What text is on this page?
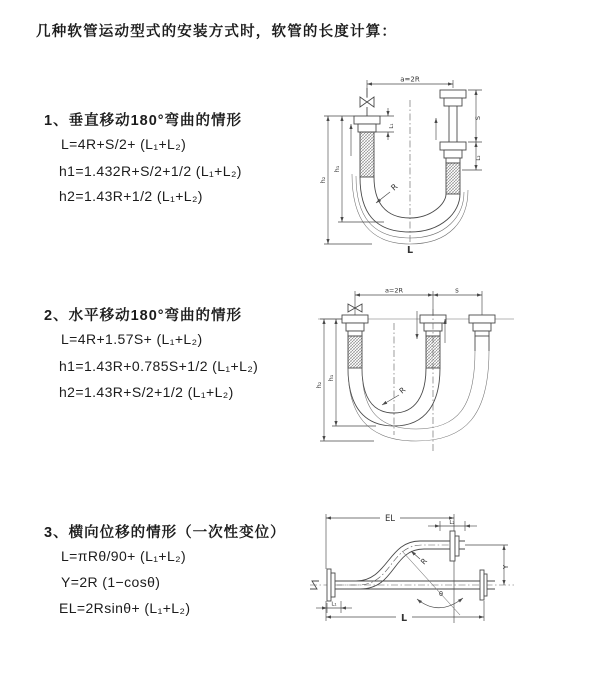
几种软管运动型式的安装方式时，软管的长度计算：
1、垂直移动180°弯曲的情形
L=4R+S/2+ (L₁+L₂)
h1=1.432R+S/2+1/2 (L₁+L₂)
h2=1.43R+1/2 (L₁+L₂)
a=2R
h₂
h₁
L₁
S
L₂
R
L
2、水平移动180°弯曲的情形
L=4R+1.57S+ (L₁+L₂)
h1=1.43R+0.785S+1/2 (L₁+L₂)
h2=1.43R+S/2+1/2 (L₁+L₂)
a=2R	s
h₂
h₁
R
3、横向位移的情形（一次性变位）
L=πRθ/90+ (L₁+L₂)
Y=2R (1−cosθ)
EL=2Rsinθ+ (L₁+L₂)
EL	L₂
θ
R
Y
L₁
L
